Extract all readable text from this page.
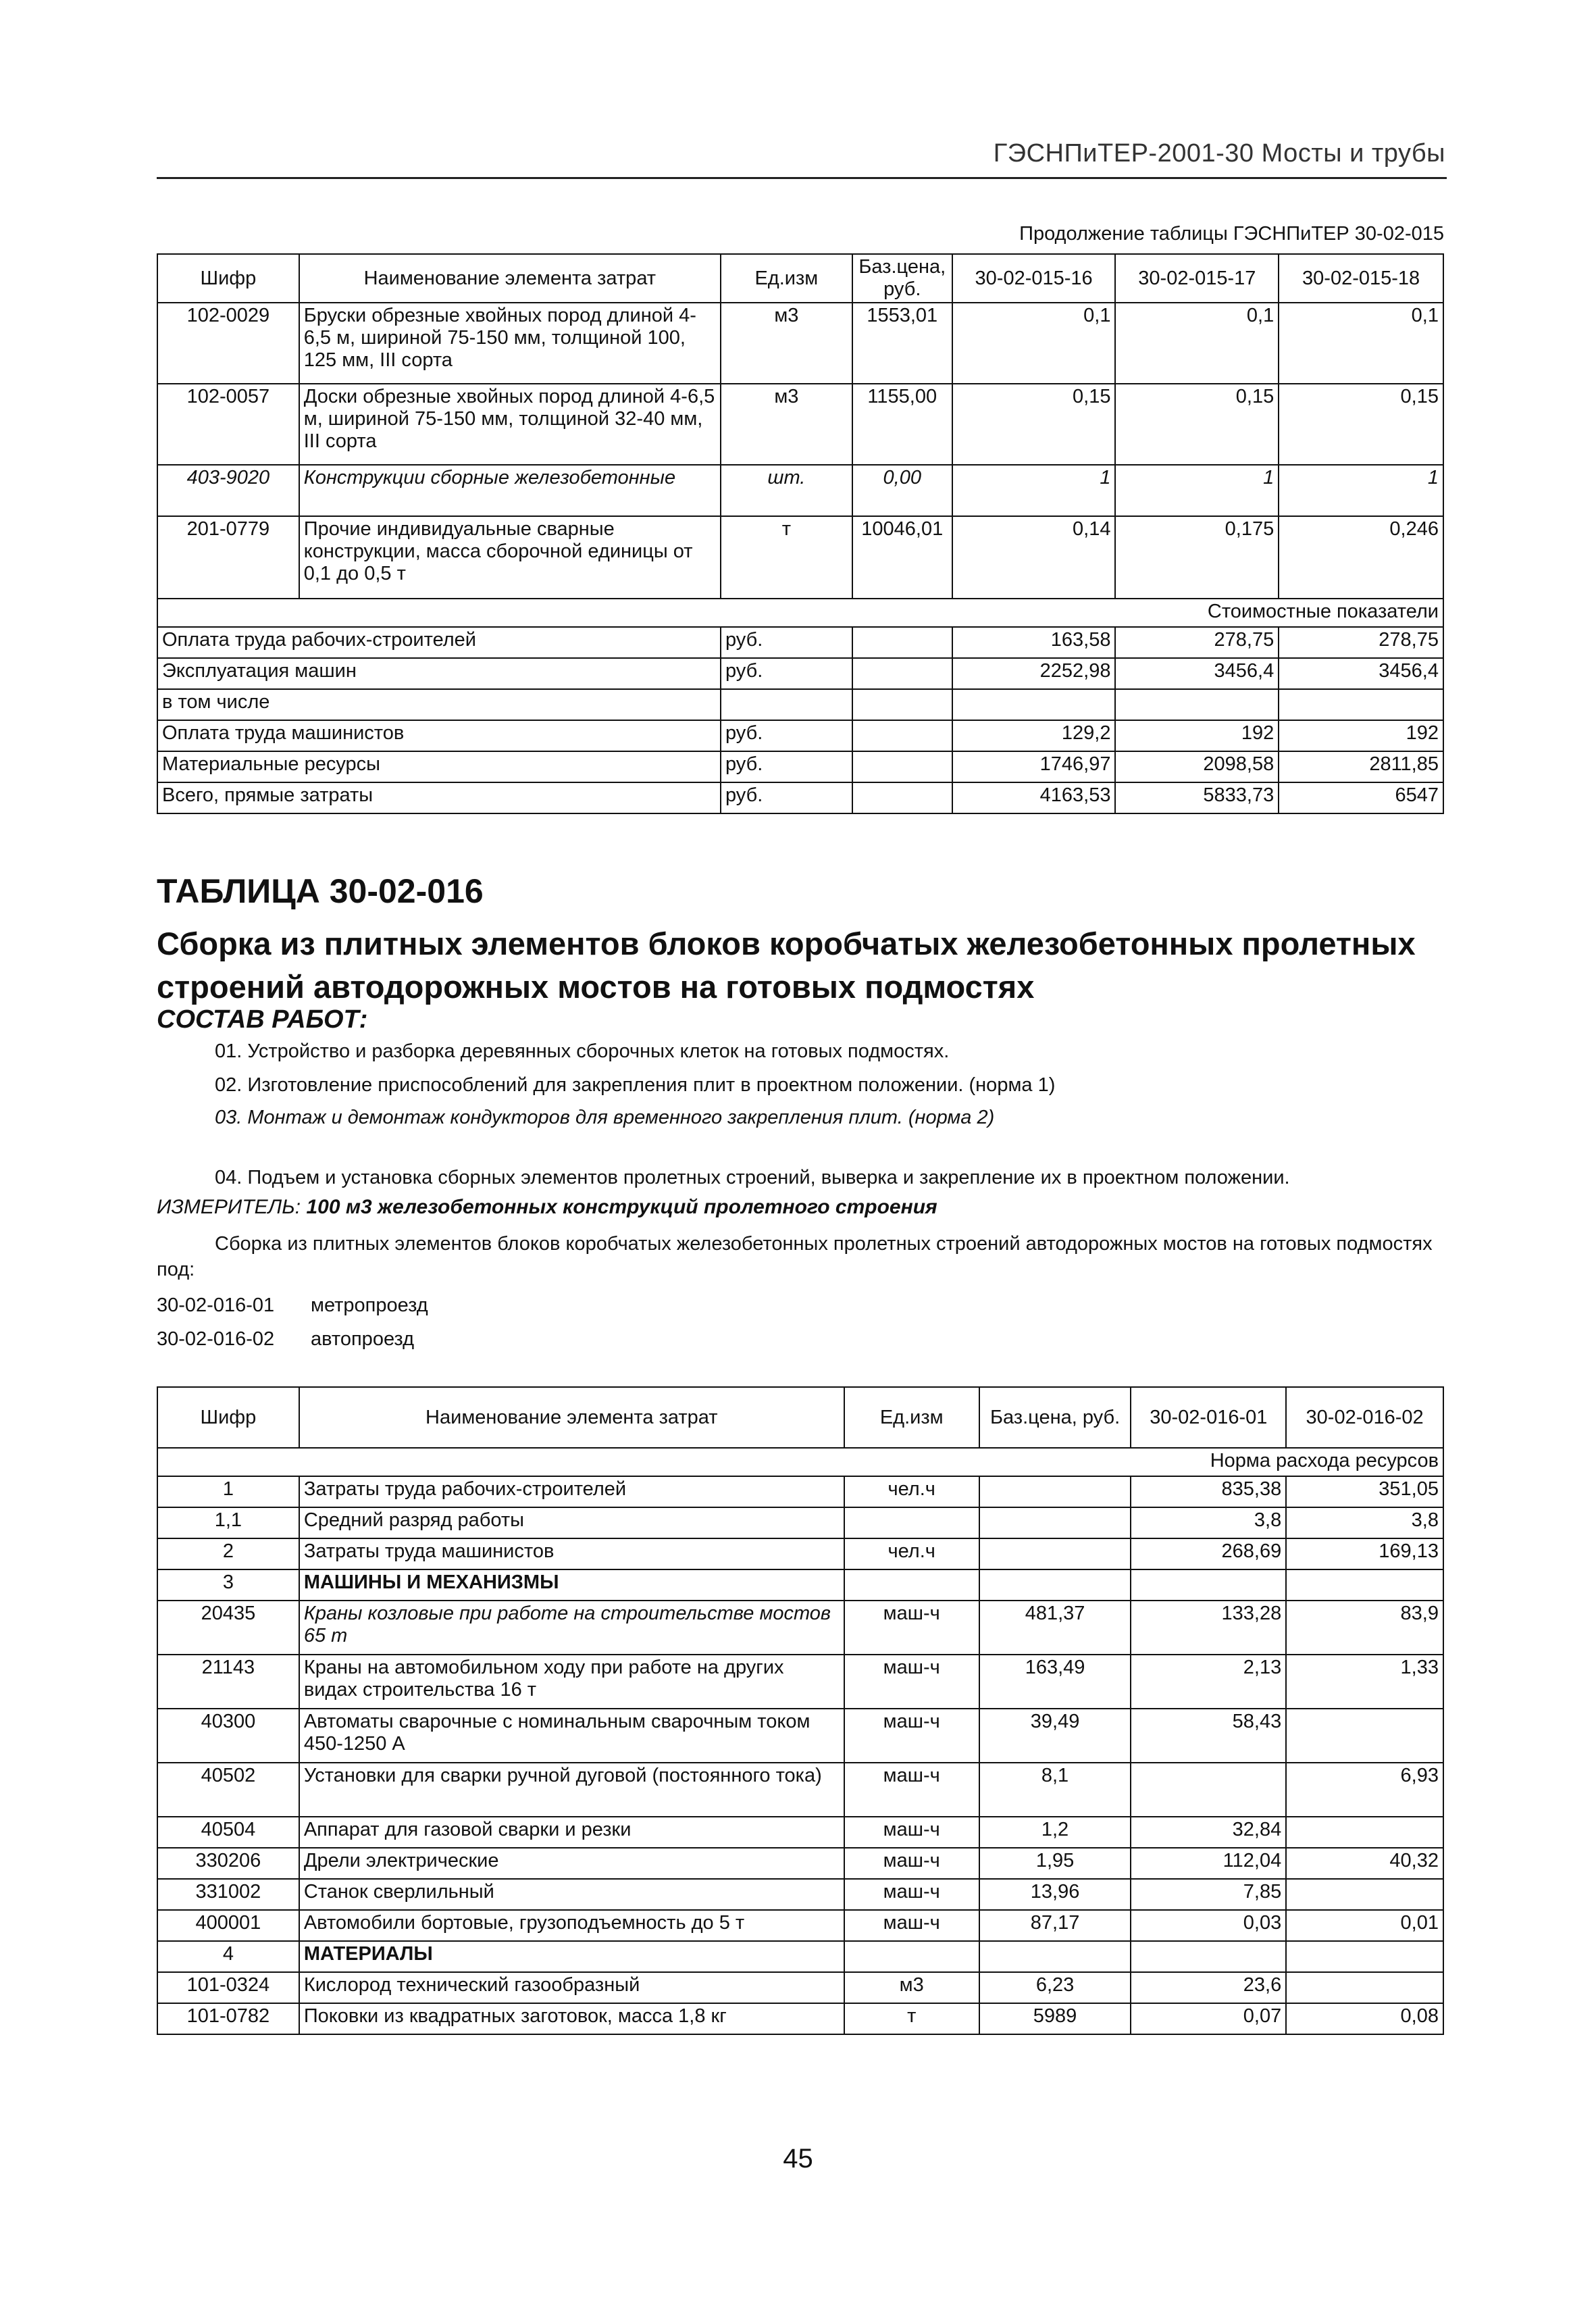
ГЭСНПиТЕР-2001-30 Мосты и трубы
Продолжение таблицы ГЭСНПиТЕР 30-02-015
Шифр	Наименование элемента затрат	Ед.изм	Баз.цена, руб.	30-02-015-16	30-02-015-17	30-02-015-18
102-0029	Бруски обрезные хвойных пород длиной 4-6,5 м, шириной 75-150 мм, толщиной 100, 125 мм, III сорта	м3	1553,01	0,1	0,1	0,1
102-0057	Доски обрезные хвойных пород длиной 4-6,5 м, шириной 75-150 мм, толщиной 32-40 мм, III сорта	м3	1155,00	0,15	0,15	0,15
403-9020	Конструкции сборные железобетонные	шт.	0,00	1	1	1
201-0779	Прочие индивидуальные сварные конструкции, масса сборочной единицы от 0,1 до 0,5 т	т	10046,01	0,14	0,175	0,246
Стоимостные показатели						
Оплата труда рабочих-строителей		руб.		163,58	278,75	278,75
Эксплуатация машин		руб.		2252,98	3456,4	3456,4
в том числе						
Оплата труда машинистов		руб.		129,2	192	192
Материальные ресурсы		руб.		1746,97	2098,58	2811,85
Всего, прямые затраты		руб.		4163,53	5833,73	6547
ТАБЛИЦА 30-02-016
Сборка из плитных элементов блоков коробчатых железобетонных пролетных строений автодорожных мостов на готовых подмостях
СОСТАВ РАБОТ:
01. Устройство и разборка деревянных сборочных клеток на готовых подмостях.
02. Изготовление приспособлений для закрепления плит в проектном положении. (норма 1)
03. Монтаж и демонтаж кондукторов для временного закрепления плит. (норма 2)
04. Подъем и установка сборных элементов пролетных строений, выверка и закрепление их в проектном положении.
ИЗМЕРИТЕЛЬ: 100 м3 железобетонных конструкций пролетного строения
Сборка из плитных элементов блоков коробчатых железобетонных пролетных строений автодорожных мостов на готовых подмостях под:
30-02-016-01 метропроезд
30-02-016-02 автопроезд
Шифр	Наименование элемента затрат	Ед.изм	Баз.цена, руб.	30-02-016-01	30-02-016-02
Норма расхода ресурсов					
1	Затраты труда рабочих-строителей	чел.ч		835,38	351,05
1,1	Средний разряд работы			3,8	3,8
2	Затраты труда машинистов	чел.ч		268,69	169,13
3	МАШИНЫ И МЕХАНИЗМЫ				
20435	Краны козловые при работе на строительстве мостов 65 т	маш-ч	481,37	133,28	83,9
21143	Краны на автомобильном ходу при работе на других видах строительства 16 т	маш-ч	163,49	2,13	1,33
40300	Автоматы сварочные с номинальным сварочным током 450-1250 А	маш-ч	39,49	58,43	
40502	Установки для сварки ручной дуговой (постоянного тока)	маш-ч	8,1		6,93
40504	Аппарат для газовой сварки и резки	маш-ч	1,2	32,84	
330206	Дрели электрические	маш-ч	1,95	112,04	40,32
331002	Станок сверлильный	маш-ч	13,96	7,85	
400001	Автомобили бортовые, грузоподъемность до 5 т	маш-ч	87,17	0,03	0,01
4	МАТЕРИАЛЫ				
101-0324	Кислород технический газообразный	м3	6,23	23,6	
101-0782	Поковки из квадратных заготовок, масса 1,8 кг	т	5989	0,07	0,08
45
